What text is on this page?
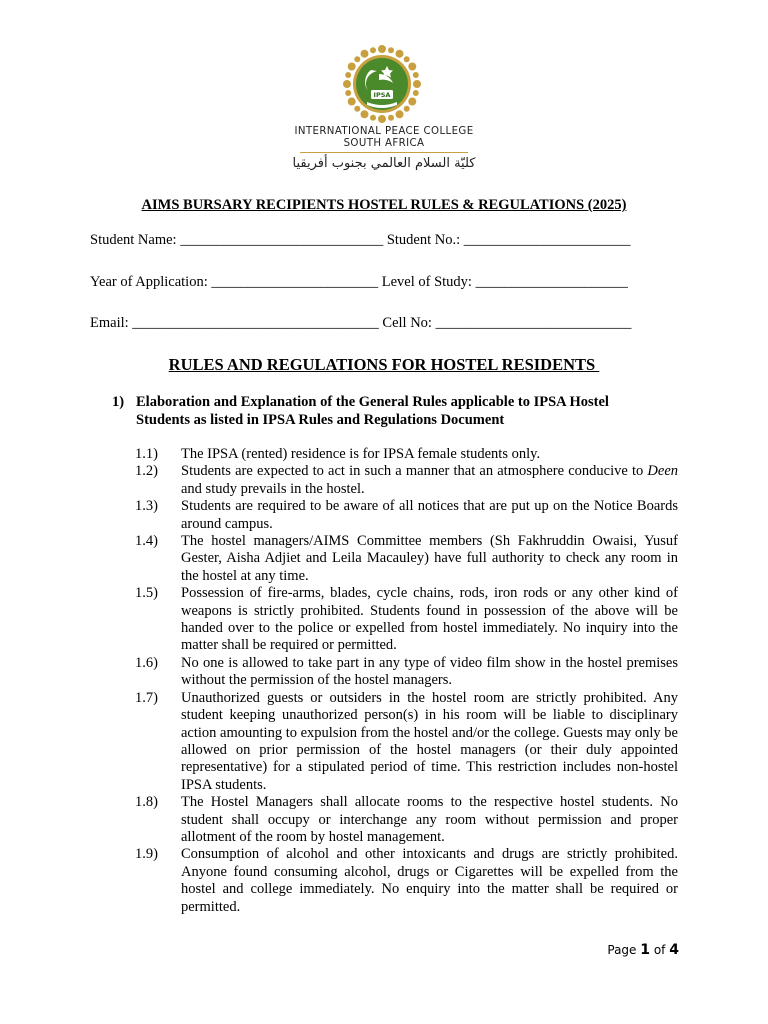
IPSA
INTERNATIONAL PEACE COLLEGE
SOUTH AFRICA
كليّة السلام العالمي بجنوب أفريقيا
AIMS BURSARY RECIPIENTS HOSTEL RULES & REGULATIONS (2025)
Student Name: ____________________________ Student No.: _______________________
Year of Application: _______________________ Level of Study: _____________________
Email: __________________________________ Cell No: ___________________________
RULES AND REGULATIONS FOR HOSTEL RESIDENTS
1) Elaboration and Explanation of the General Rules applicable to IPSA Hostel Students as listed in IPSA Rules and Regulations Document

1.1) The IPSA (rented) residence is for IPSA female students only.

1.2) Students are expected to act in such a manner that an atmosphere conducive to Deen and study prevails in the hostel.

1.3) Students are required to be aware of all notices that are put up on the Notice Boards around campus.

1.4) The hostel managers/AIMS Committee members (Sh Fakhruddin Owaisi, Yusuf Gester, Aisha Adjiet and Leila Macauley) have full authority to check any room in the hostel at any time.

1.5) Possession of fire-arms, blades, cycle chains, rods, iron rods or any other kind of weapons is strictly prohibited. Students found in possession of the above will be handed over to the police or expelled from hostel immediately. No inquiry into the matter shall be required or permitted.

1.6) No one is allowed to take part in any type of video film show in the hostel premises without the permission of the hostel managers.

1.7) Unauthorized guests or outsiders in the hostel room are strictly prohibited. Any student keeping unauthorized person(s) in his room will be liable to disciplinary action amounting to expulsion from the hostel and/or the college. Guests may only be allowed on prior permission of the hostel managers (or their duly appointed representative) for a stipulated period of time. This restriction includes non-hostel IPSA students.

1.8) The Hostel Managers shall allocate rooms to the respective hostel students. No student shall occupy or interchange any room without permission and proper allotment of the room by hostel management.

1.9) Consumption of alcohol and other intoxicants and drugs are strictly prohibited. Anyone found consuming alcohol, drugs or Cigarettes will be expelled from the hostel and college immediately. No enquiry into the matter shall be required or permitted.

Page 1 of 4
